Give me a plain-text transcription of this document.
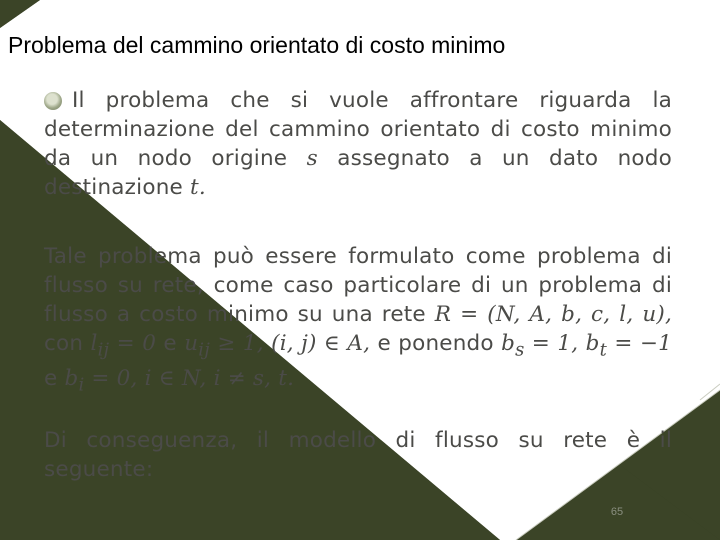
Problema del cammino orientato di costo minimo
Il problema che si vuole affrontare riguarda la determinazione del cammino orientato di costo minimo da un nodo origine s assegnato a un dato nodo destinazione t.
Tale problema può essere formulato come problema di flusso su rete, come caso particolare di un problema di flusso a costo minimo su una rete R = (N, A, b, c, l, u), con $l_{ij} = 0$ e $u_{ij} \ge 1$, (i, j) ∈ A, e ponendo $b_s = 1$, $b_t = -1$ e $b_i = 0$, i ∈ N, i ≠ s, t.
Di conseguenza, il modello di flusso su rete è il seguente:
65
